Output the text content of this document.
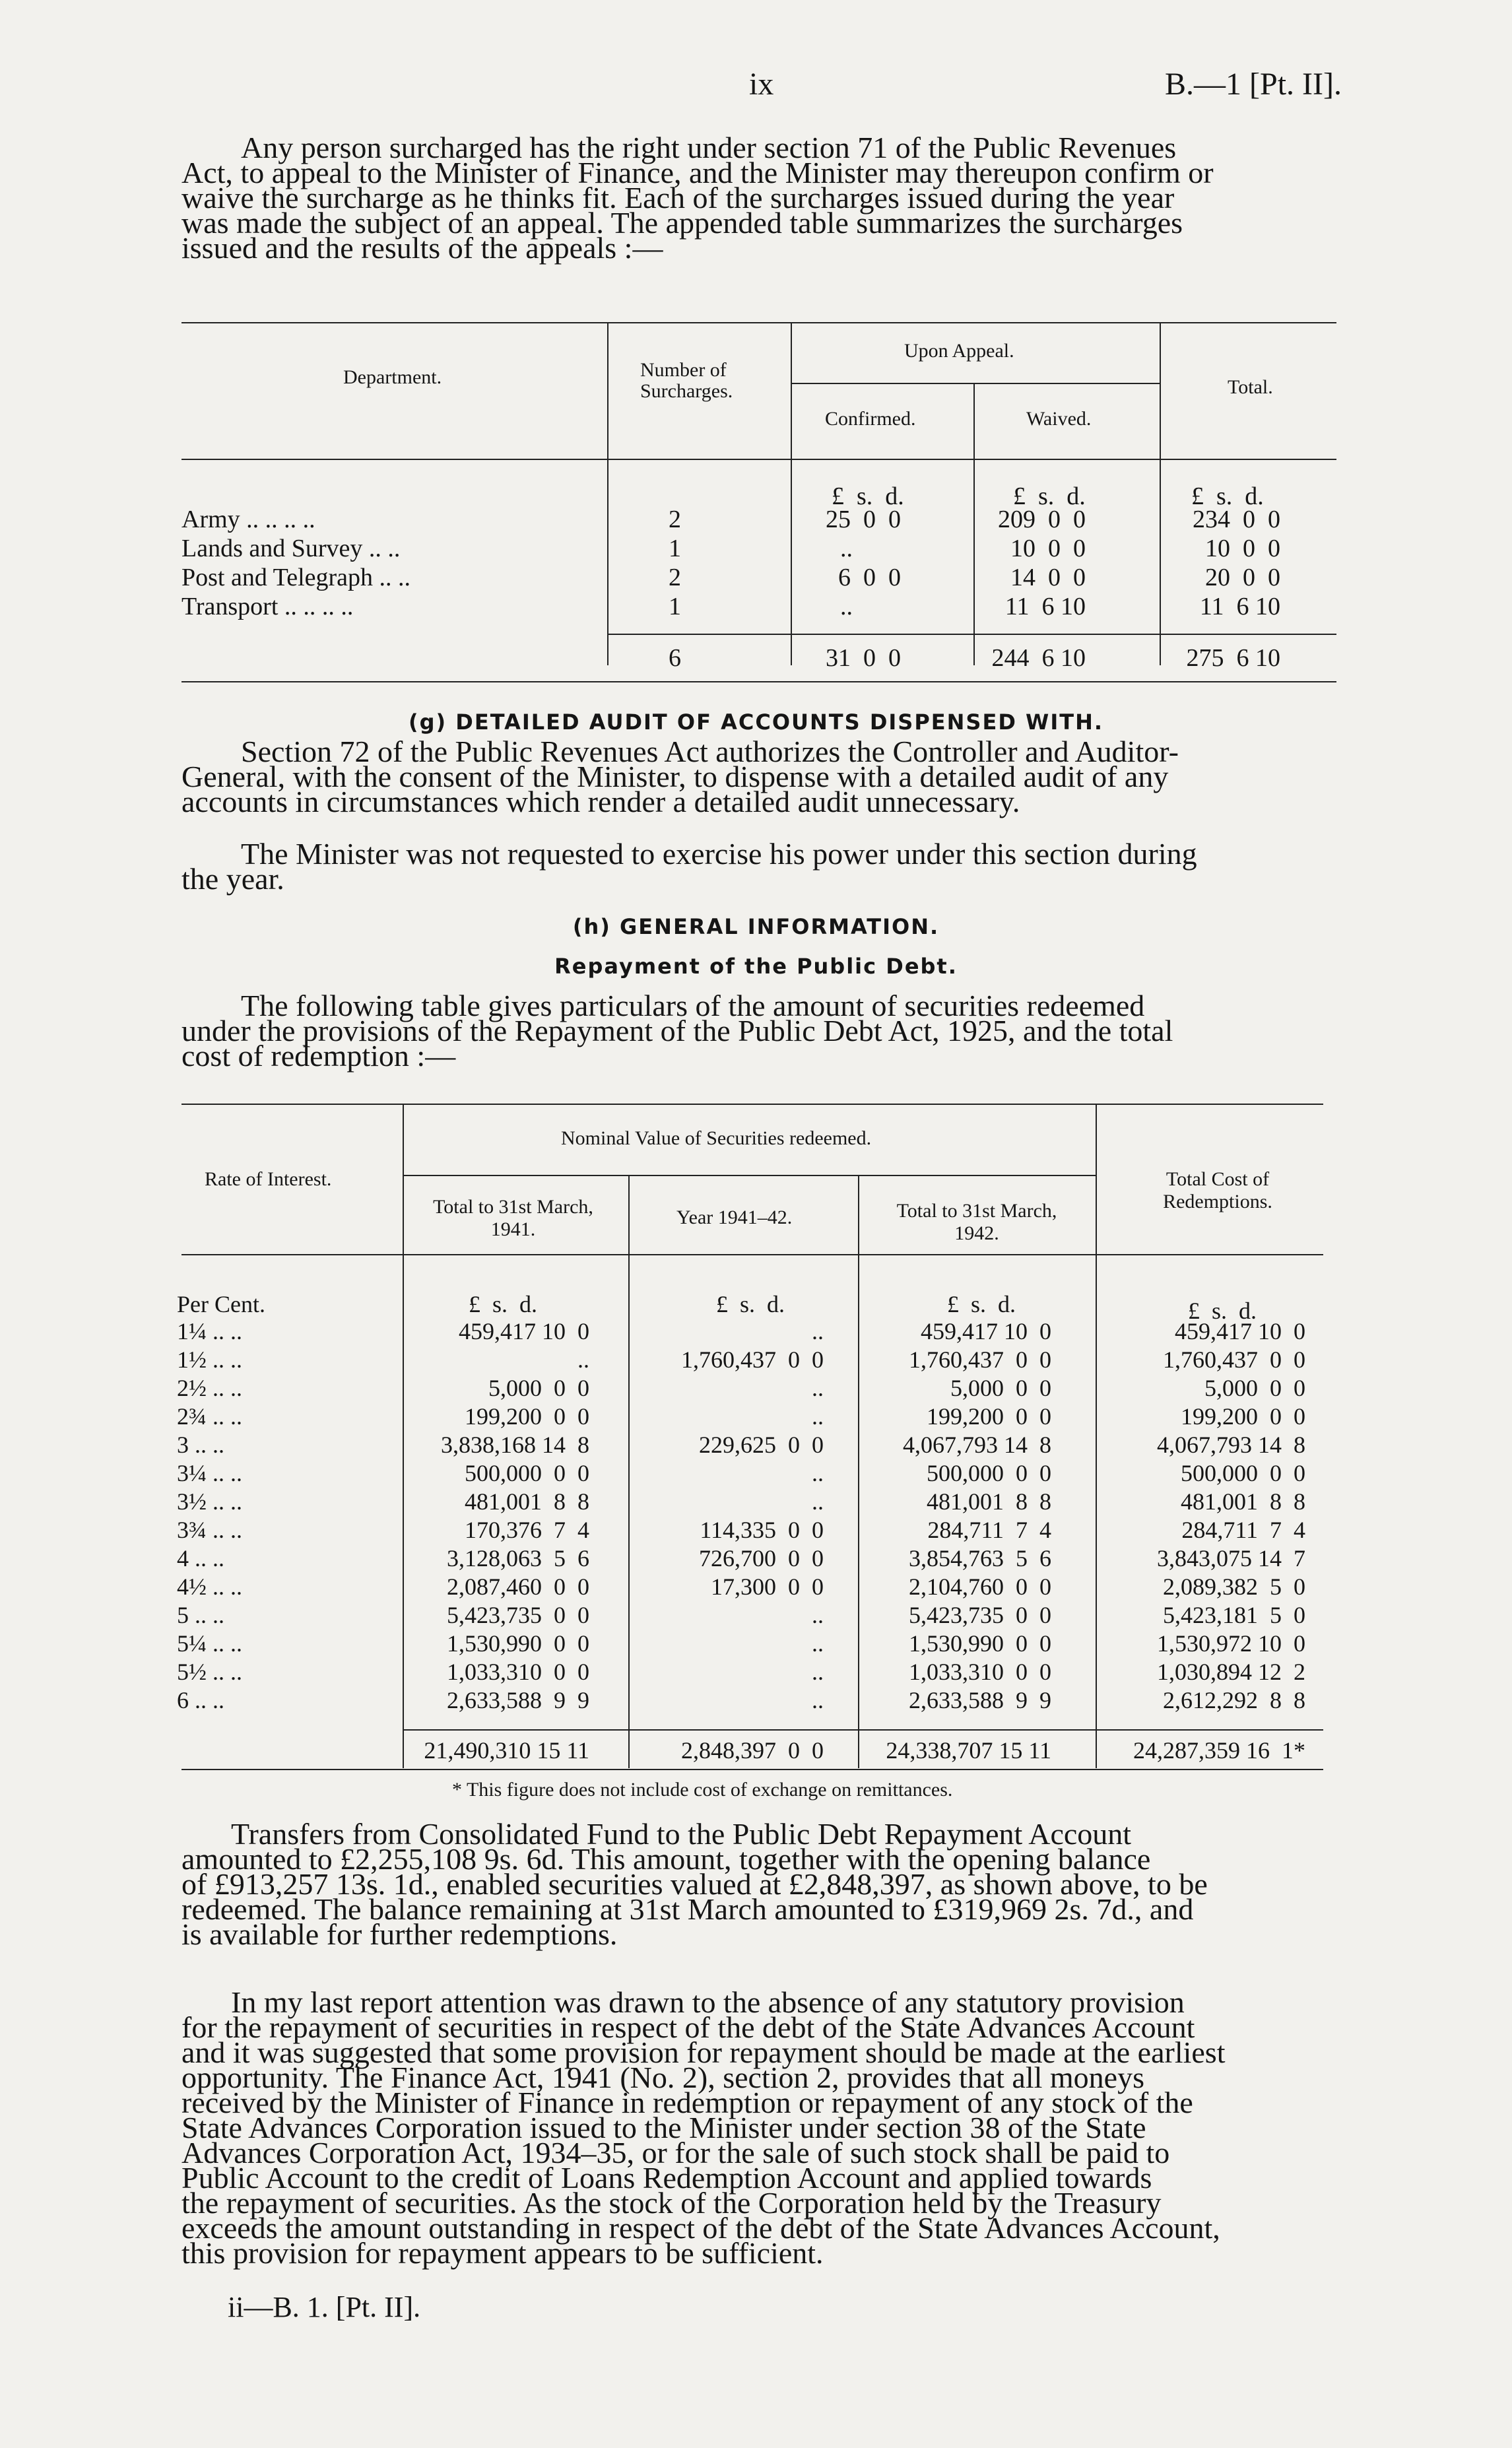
ix	B.—1 [Pt. II].
Any person surcharged has the right under section 71 of the Public Revenues
Act, to appeal to the Minister of Finance, and the Minister may thereupon confirm or
waive the surcharge as he thinks fit. Each of the surcharges issued during the year
was made the subject of an appeal. The appended table summarizes the surcharges
issued and the results of the appeals :—
Department.	Number of Surcharges.
Upon Appeal.
Confirmed.	Waived.
Total.
£  s.  d.	£  s.  d.	£  s.  d.
Army .. .. .. ..		2		25  0  0		209  0  0		234  0  0
Lands and Survey .. ..		1		..		10  0  0		10  0  0
Post and Telegraph .. ..		2		6  0  0		14  0  0		20  0  0
Transport .. .. .. ..		1		..		11  6 10		11  6 10
	6		31  0  0		244  6 10		275  6 10
(g) DETAILED AUDIT OF ACCOUNTS DISPENSED WITH.
Section 72 of the Public Revenues Act authorizes the Controller and Auditor-
General, with the consent of the Minister, to dispense with a detailed audit of any
accounts in circumstances which render a detailed audit unnecessary.
The Minister was not requested to exercise his power under this section during
the year.
(h) GENERAL INFORMATION.
Repayment of the Public Debt.
The following table gives particulars of the amount of securities redeemed
under the provisions of the Repayment of the Public Debt Act, 1925, and the total
cost of redemption :—
Rate of Interest.
Nominal Value of Securities redeemed.
Total to 31st March, 1941.
Year 1941–42.	Total to 31st March, 1942.
Total Cost of Redemptions.
Per Cent.	£  s.  d.	£  s.  d.	£  s.  d.	£  s.  d.
1¼ .. ..	459,417 10  0	..	459,417 10  0	459,417 10  0
1½ .. ..	..	1,760,437  0  0	1,760,437  0  0	1,760,437  0  0
2½ .. ..	5,000  0  0	..	5,000  0  0	5,000  0  0
2¾ .. ..	199,200  0  0	..	199,200  0  0	199,200  0  0
3 .. ..	3,838,168 14  8	229,625  0  0	4,067,793 14  8	4,067,793 14  8
3¼ .. ..	500,000  0  0	..	500,000  0  0	500,000  0  0
3½ .. ..	481,001  8  8	..	481,001  8  8	481,001  8  8
3¾ .. ..	170,376  7  4	114,335  0  0	284,711  7  4	284,711  7  4
4 .. ..	3,128,063  5  6	726,700  0  0	3,854,763  5  6	3,843,075 14  7
4½ .. ..	2,087,460  0  0	17,300  0  0	2,104,760  0  0	2,089,382  5  0
5 .. ..	5,423,735  0  0	..	5,423,735  0  0	5,423,181  5  0
5¼ .. ..	1,530,990  0  0	..	1,530,990  0  0	1,530,972 10  0
5½ .. ..	1,033,310  0  0	..	1,033,310  0  0	1,030,894 12  2
6 .. ..	2,633,588  9  9	..	2,633,588  9  9	2,612,292  8  8
	21,490,310 15 11	2,848,397  0  0	24,338,707 15 11	24,287,359 16  1*
* This figure does not include cost of exchange on remittances.
Transfers from Consolidated Fund to the Public Debt Repayment Account
amounted to £2,255,108 9s. 6d. This amount, together with the opening balance
of £913,257 13s. 1d., enabled securities valued at £2,848,397, as shown above, to be
redeemed. The balance remaining at 31st March amounted to £319,969 2s. 7d., and
is available for further redemptions.
In my last report attention was drawn to the absence of any statutory provision
for the repayment of securities in respect of the debt of the State Advances Account
and it was suggested that some provision for repayment should be made at the earliest
opportunity. The Finance Act, 1941 (No. 2), section 2, provides that all moneys
received by the Minister of Finance in redemption or repayment of any stock of the
State Advances Corporation issued to the Minister under section 38 of the State
Advances Corporation Act, 1934–35, or for the sale of such stock shall be paid to
Public Account to the credit of Loans Redemption Account and applied towards
the repayment of securities. As the stock of the Corporation held by the Treasury
exceeds the amount outstanding in respect of the debt of the State Advances Account,
this provision for repayment appears to be sufficient.
ii—B. 1. [Pt. II].
